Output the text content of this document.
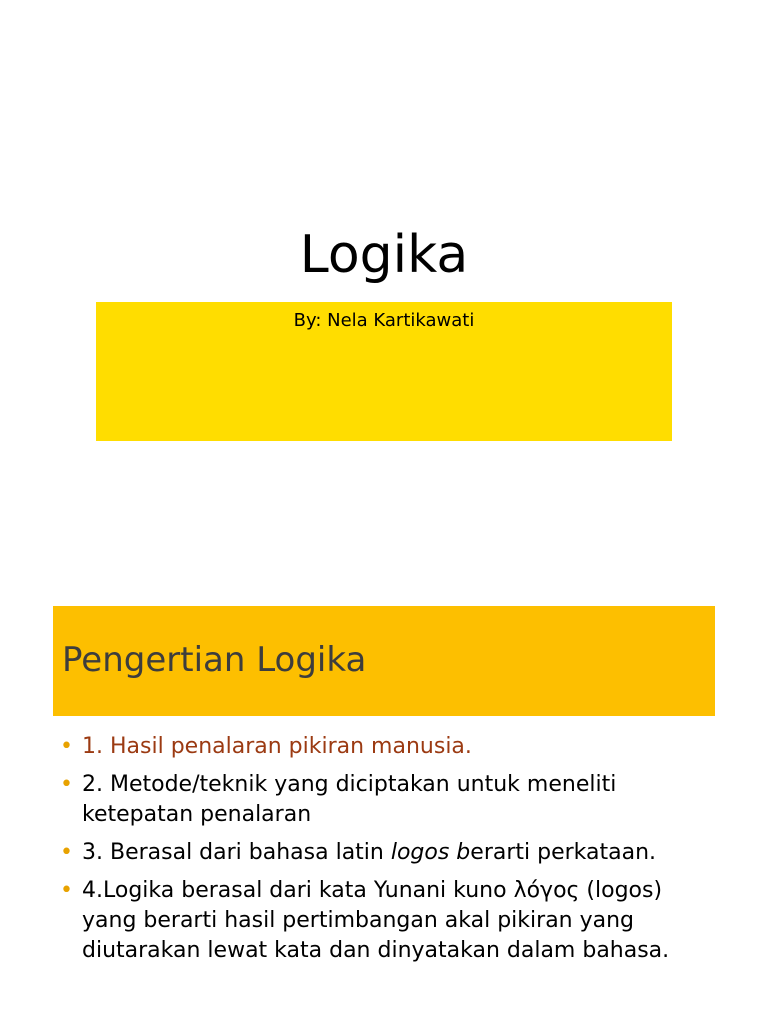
Logika
By: Nela Kartikawati
Pengertian Logika
• 1. Hasil penalaran pikiran manusia.
• 2. Metode/teknik yang diciptakan untuk meneliti ketepatan penalaran
• 3. Berasal dari bahasa latin logos berarti perkataan.
• 4.Logika berasal dari kata Yunani kuno λόγος (logos) yang berarti hasil pertimbangan akal pikiran yang diutarakan lewat kata dan dinyatakan dalam bahasa.
